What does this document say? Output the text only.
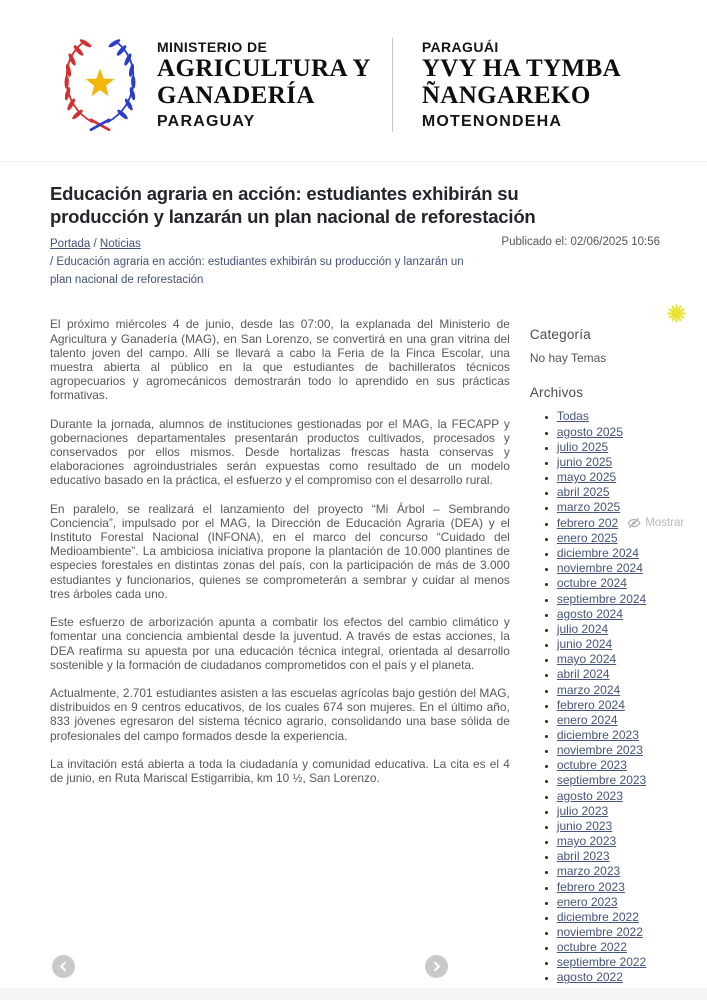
MINISTERIO DE
AGRICULTURA Y
GANADERÍA
PARAGUAY
PARAGUÁI
YVY HA TYMBA
ÑANGAREKO
MOTENONDEHA
Educación agraria en acción: estudiantes exhibirán su producción y lanzarán un plan nacional de reforestación
Portada / Noticias
/ Educación agraria en acción: estudiantes exhibirán su producción y lanzarán un plan nacional de reforestación
Publicado el: 02/06/2025 10:56

El próximo miércoles 4 de junio, desde las 07:00, la explanada del Ministerio de Agricultura y Ganadería (MAG), en San Lorenzo, se convertirá en una gran vitrina del talento joven del campo. Allí se llevará a cabo la Feria de la Finca Escolar, una muestra abierta al público en la que estudiantes de bachilleratos técnicos agropecuarios y agromecánicos demostrarán todo lo aprendido en sus prácticas formativas.

Durante la jornada, alumnos de instituciones gestionadas por el MAG, la FECAPP y gobernaciones departamentales presentarán productos cultivados, procesados y conservados por ellos mismos. Desde hortalizas frescas hasta conservas y elaboraciones agroindustriales serán expuestas como resultado de un modelo educativo basado en la práctica, el esfuerzo y el compromiso con el desarrollo rural.

En paralelo, se realizará el lanzamiento del proyecto “Mi Árbol – Sembrando Conciencia”, impulsado por el MAG, la Dirección de Educación Agraria (DEA) y el Instituto Forestal Nacional (INFONA), en el marco del concurso “Cuidado del Medioambiente”. La ambiciosa iniciativa propone la plantación de 10.000 plantines de especies forestales en distintas zonas del país, con la participación de más de 3.000 estudiantes y funcionarios, quienes se comprometerán a sembrar y cuidar al menos tres árboles cada uno.

Este esfuerzo de arborización apunta a combatir los efectos del cambio climático y fomentar una conciencia ambiental desde la juventud. A través de estas acciones, la DEA reafirma su apuesta por una educación técnica integral, orientada al desarrollo sostenible y la formación de ciudadanos comprometidos con el país y el planeta.

Actualmente, 2.701 estudiantes asisten a las escuelas agrícolas bajo gestión del MAG, distribuidos en 9 centros educativos, de los cuales 674 son mujeres. En el último año, 833 jóvenes egresaron del sistema técnico agrario, consolidando una base sólida de profesionales del campo formados desde la experiencia.

La invitación está abierta a toda la ciudadanía y comunidad educativa. La cita es el 4 de junio, en Ruta Mariscal Estigarribia, km 10 ½, San Lorenzo.

Categoría

No hay Temas

Archivos
• Todas
• agosto 2025
• julio 2025
• junio 2025
• mayo 2025
• abril 2025
• marzo 2025
• febrero 202 Mostrar
• enero 2025
• diciembre 2024
• noviembre 2024
• octubre 2024
• septiembre 2024
• agosto 2024
• julio 2024
• junio 2024
• mayo 2024
• abril 2024
• marzo 2024
• febrero 2024
• enero 2024
• diciembre 2023
• noviembre 2023
• octubre 2023
• septiembre 2023
• agosto 2023
• julio 2023
• junio 2023
• mayo 2023
• abril 2023
• marzo 2023
• febrero 2023
• enero 2023
• diciembre 2022
• noviembre 2022
• octubre 2022
• septiembre 2022
• agosto 2022
